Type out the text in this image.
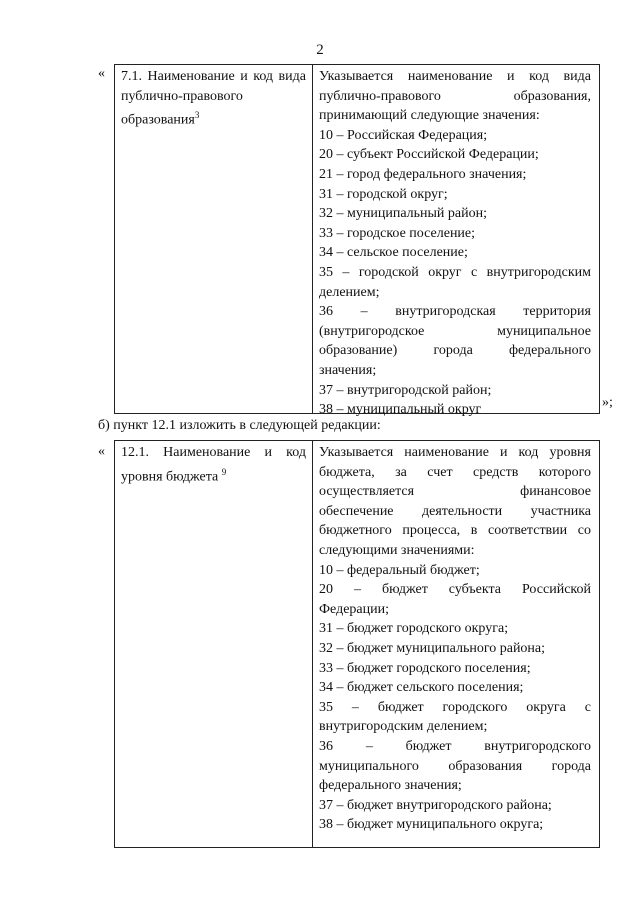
2
« 7.1. Наименование и код вида
публично-правового
образования$^3$
Указывается наименование и код вида
публично-правового образования,
принимающий следующие значения:
10 – Российская Федерация;
20 – субъект Российской Федерации;
21 – город федерального значения;
31 – городской округ;
32 – муниципальный район;
33 – городское поселение;
34 – сельское поселение;
35 – городской округ с внутригородским
делением;
36 – внутригородская территория
(внутригородское муниципальное
образование) города федерального
значения;
37 – внутригородской район;
38 – муниципальный округ	»;
б) пункт 12.1 изложить в следующей редакции:
« 12.1. Наименование и код
уровня бюджета $^9$
Указывается наименование и код уровня
бюджета, за счет средств которого
осуществляется финансовое
обеспечение деятельности участника
бюджетного процесса, в соответствии со
следующими значениями:
10 – федеральный бюджет;
20 – бюджет субъекта Российской
Федерации;
31 – бюджет городского округа;
32 – бюджет муниципального района;
33 – бюджет городского поселения;
34 – бюджет сельского поселения;
35 – бюджет городского округа с
внутригородским делением;
36 – бюджет внутригородского
муниципального образования города
федерального значения;
37 – бюджет внутригородского района;
38 – бюджет муниципального округа;
